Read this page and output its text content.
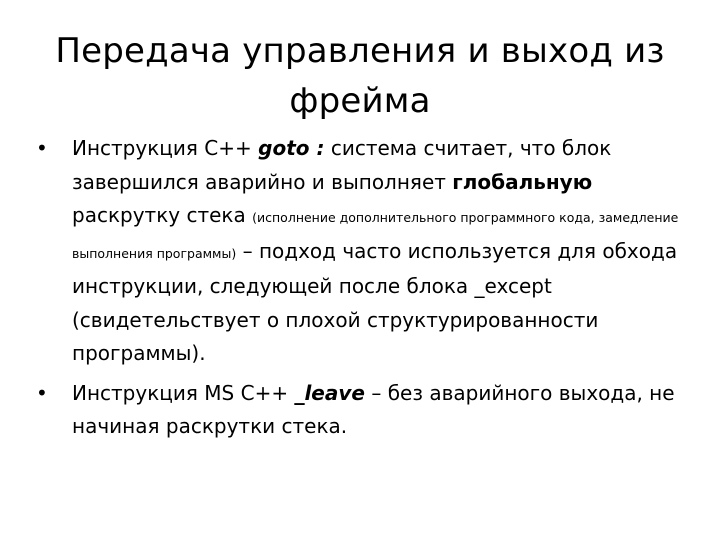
Передача управления и выход из
фрейма
• Инструкция С++ goto : система считает, что блок завершился аварийно и выполняет глобальную раскрутку стека (исполнение дополнительного программного кода, замедление выполнения программы) – подход часто используется для обхода инструкции, следующей после блока _except (свидетельствует о плохой структурированности программы).
• Инструкция MS С++ _leave – без аварийного выхода, не начиная раскрутки стека.
